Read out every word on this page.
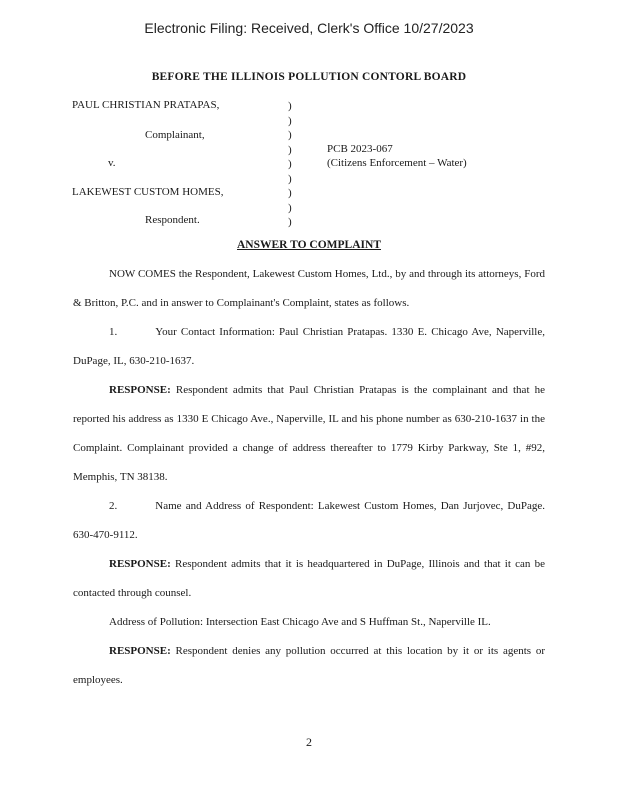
Electronic Filing: Received, Clerk's Office 10/27/2023
BEFORE THE ILLINOIS POLLUTION CONTORL BOARD
PAUL CHRISTIAN PRATAPAS,
Complainant,
v.
LAKEWEST CUSTOM HOMES,
Respondent.
)
)
)
)
)
)
)
)
)
PCB 2023-067
(Citizens Enforcement – Water)
ANSWER TO COMPLAINT

NOW COMES the Respondent, Lakewest Custom Homes, Ltd., by and through its attorneys, Ford & Britton, P.C. and in answer to Complainant's Complaint, states as follows.

1.	Your Contact Information: Paul Christian Pratapas. 1330 E. Chicago Ave, Naperville, DuPage, IL, 630-210-1637.

RESPONSE: Respondent admits that Paul Christian Pratapas is the complainant and that he reported his address as 1330 E Chicago Ave., Naperville, IL and his phone number as 630-210-1637 in the Complaint. Complainant provided a change of address thereafter to 1779 Kirby Parkway, Ste 1, #92, Memphis, TN 38138.

2.	Name and Address of Respondent: Lakewest Custom Homes, Dan Jurjovec, DuPage. 630-470-9112.

RESPONSE: Respondent admits that it is headquartered in DuPage, Illinois and that it can be contacted through counsel.

Address of Pollution: Intersection East Chicago Ave and S Huffman St., Naperville IL.

RESPONSE: Respondent denies any pollution occurred at this location by it or its agents or employees.

2
